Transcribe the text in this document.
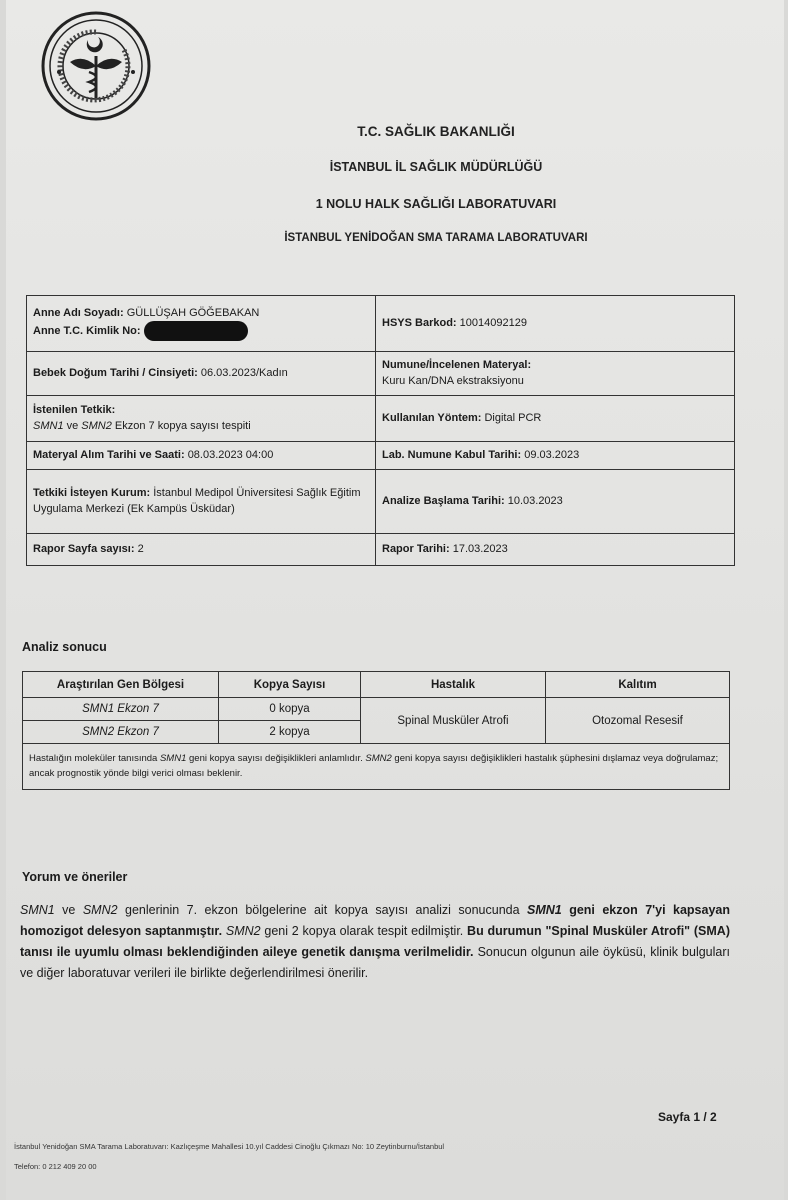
T.C. SAĞLIK BAKANLIĞI
İSTANBUL İL SAĞLIK MÜDÜRLÜĞÜ
1 NOLU HALK SAĞLIĞI LABORATUVARI
İSTANBUL YENİDOĞAN SMA TARAMA LABORATUVARI
Anne Adı Soyadı: GÜLLÜŞAH GÖĞEBAKAN
Anne T.C. Kimlik No:	HSYS Barkod: 10014092129
Bebek Doğum Tarihi / Cinsiyeti: 06.03.2023/Kadın	Numune/İncelenen Materyal:
Kuru Kan/DNA ekstraksiyonu
İstenilen Tetkik:
SMN1 ve SMN2 Ekzon 7 kopya sayısı tespiti	Kullanılan Yöntem: Digital PCR
Materyal Alım Tarihi ve Saati: 08.03.2023 04:00	Lab. Numune Kabul Tarihi: 09.03.2023
Tetkiki İsteyen Kurum: İstanbul Medipol Üniversitesi Sağlık Eğitim Uygulama Merkezi (Ek Kampüs Üsküdar)	Analize Başlama Tarihi: 10.03.2023
Rapor Sayfa sayısı: 2	Rapor Tarihi: 17.03.2023
Analiz sonucu
Araştırılan Gen Bölgesi	Kopya Sayısı	Hastalık	Kalıtım
SMN1 Ekzon 7	0 kopya	Spinal Musküler Atrofi	Otozomal Resesif
SMN2 Ekzon 7	2 kopya		
Hastalığın moleküler tanısında SMN1 geni kopya sayısı değişiklikleri anlamlıdır. SMN2 geni kopya sayısı değişiklikleri hastalık şüphesini dışlamaz veya doğrulamaz; ancak prognostik yönde bilgi verici olması beklenir.			
Yorum ve öneriler
SMN1 ve SMN2 genlerinin 7. ekzon bölgelerine ait kopya sayısı analizi sonucunda SMN1 geni ekzon 7'yi kapsayan homozigot delesyon saptanmıştır. SMN2 geni 2 kopya olarak tespit edilmiştir. Bu durumun "Spinal Musküler Atrofi" (SMA) tanısı ile uyumlu olması beklendiğinden aileye genetik danışma verilmelidir. Sonucun olgunun aile öyküsü, klinik bulguları ve diğer laboratuvar verileri ile birlikte değerlendirilmesi önerilir.
Sayfa 1 / 2
İstanbul Yenidoğan SMA Tarama Laboratuvarı: Kazlıçeşme Mahallesi 10.yıl Caddesi Cinoğlu Çıkmazı No: 10 Zeytinburnu/İstanbul
Telefon: 0 212 409 20 00
